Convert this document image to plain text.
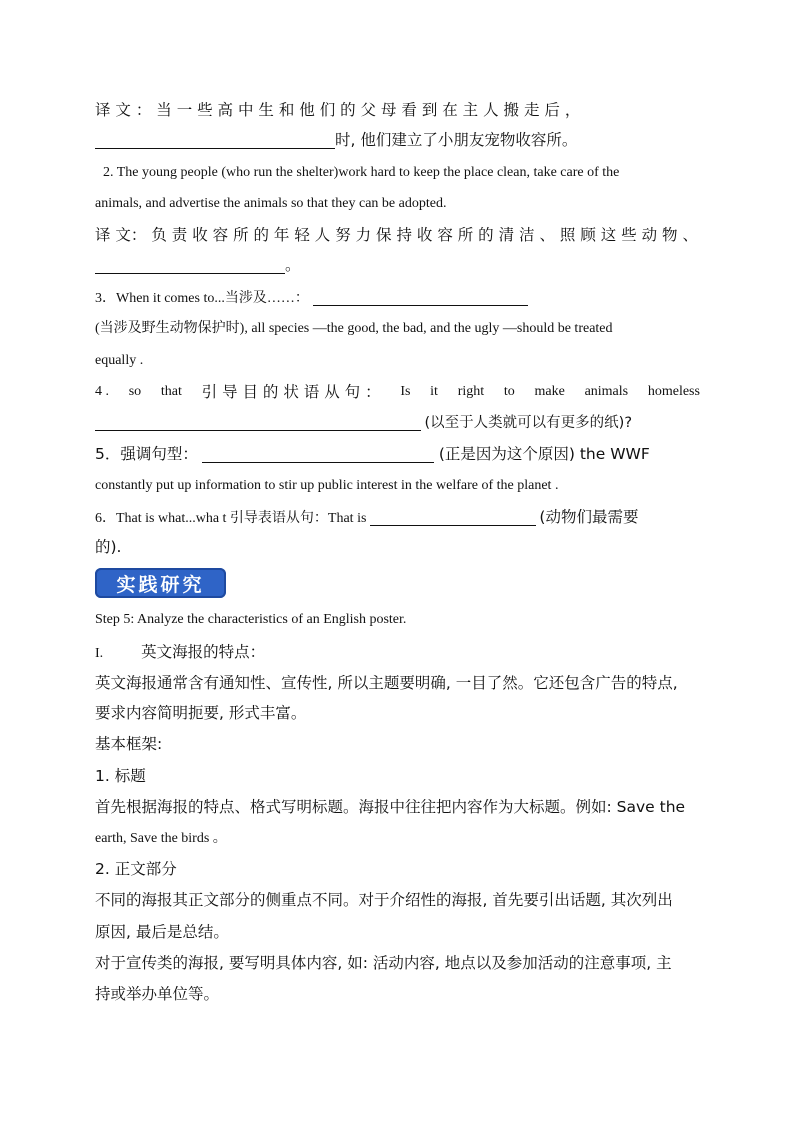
译 文 ： 当 一 些 高 中 生 和 他 们 的 父 母 看 到 在 主 人 搬 走 后 ，
时, 他们建立了小朋友宠物收容所。
2. The young people (who run the shelter)work hard to keep the place clean, take care of the
animals, and advertise the animals so that they can be adopted.
译 文： 负 责 收 容 所 的 年 轻 人 努 力 保 持 收 容 所 的 清 洁 、 照 顾 这 些 动 物 、
。
3．When it comes to...当涉及……：
(当涉及野生动物保护时), all species —the good, the bad, and the ugly —should be treated
equally .
4 . so that 引 导 目 的 状 语 从 句 ： Is it right to make animals homeless
(以至于人类就可以有更多的纸)?
5．强调句型：	(正是因为这个原因) the WWF
constantly put up information to stir up public interest in the welfare of the planet .
6．That is what...wha t 引导表语从句：That is	(动物们最需要
的).
实践研究
Step 5: Analyze the characteristics of an English poster.
I. 英文海报的特点：
英文海报通常含有通知性、宣传性, 所以主题要明确, 一目了然。它还包含广告的特点,
要求内容简明扼要, 形式丰富。
基本框架:
1. 标题
首先根据海报的特点、格式写明标题。海报中往往把内容作为大标题。例如: Save the
earth, Save the birds 。
2. 正文部分
不同的海报其正文部分的侧重点不同。对于介绍性的海报, 首先要引出话题, 其次列出
原因, 最后是总结。
对于宣传类的海报, 要写明具体内容, 如: 活动内容, 地点以及参加活动的注意事项, 主
持或举办单位等。
